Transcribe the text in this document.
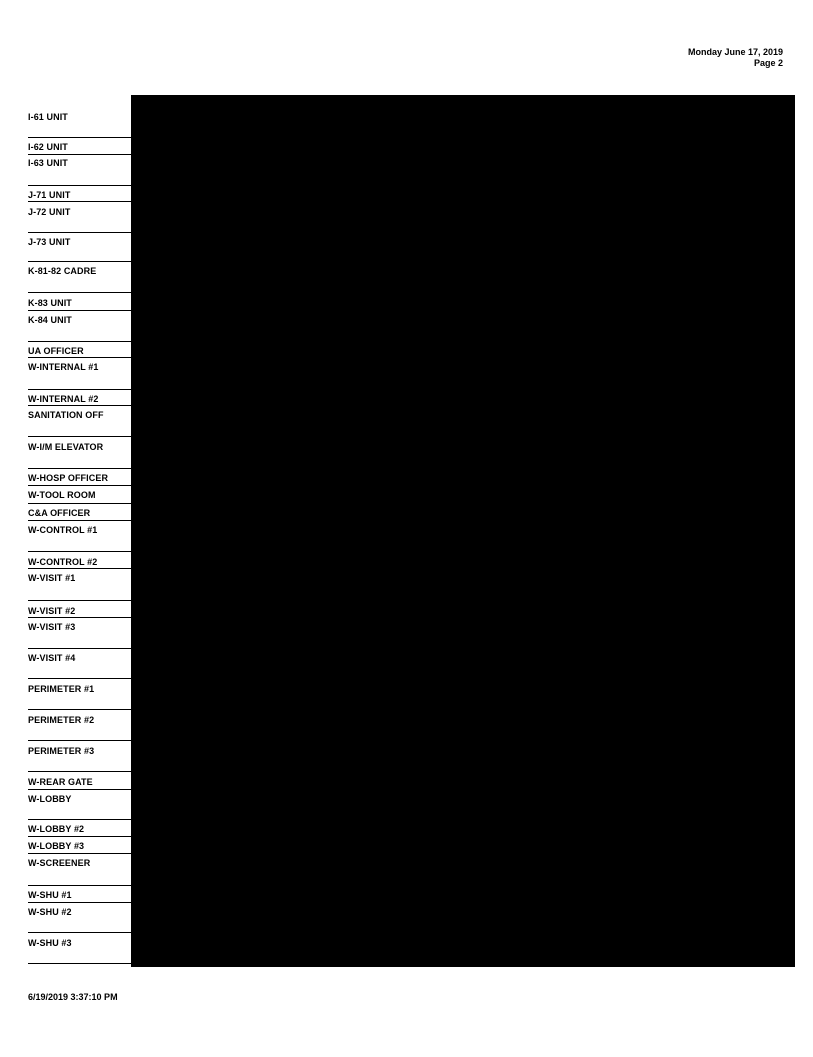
Monday June 17, 2019
Page 2
I-61 UNIT
I-62 UNIT
I-63 UNIT
J-71 UNIT
J-72 UNIT
J-73 UNIT
K-81-82 CADRE
K-83 UNIT
K-84 UNIT
UA OFFICER
W-INTERNAL #1
W-INTERNAL #2
SANITATION OFF
W-I/M ELEVATOR
W-HOSP OFFICER
W-TOOL ROOM
C&A OFFICER
W-CONTROL #1
W-CONTROL #2
W-VISIT #1
W-VISIT #2
W-VISIT #3
W-VISIT #4
PERIMETER #1
PERIMETER #2
PERIMETER #3
W-REAR GATE
W-LOBBY
W-LOBBY #2
W-LOBBY #3
W-SCREENER
W-SHU #1
W-SHU #2
W-SHU #3
6/19/2019 3:37:10 PM
